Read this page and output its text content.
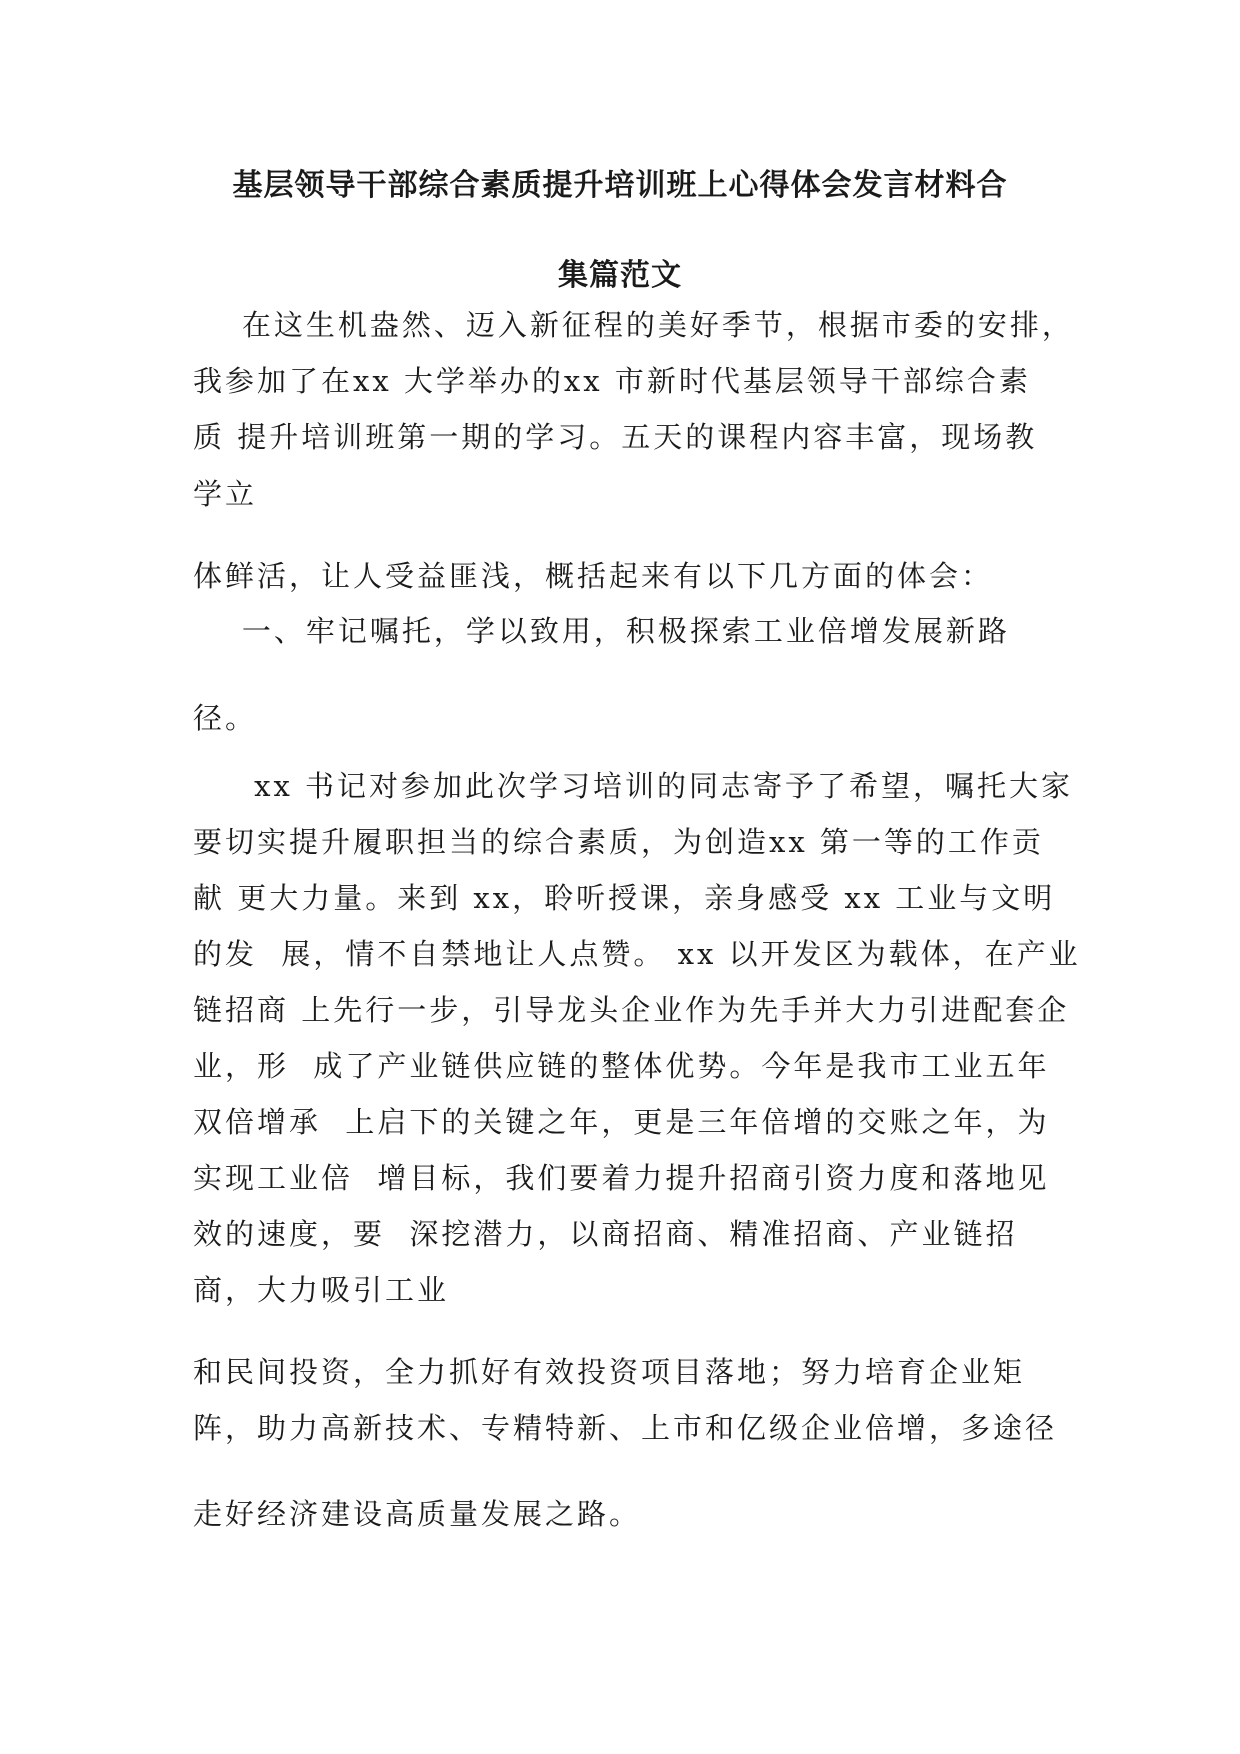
基层领导干部综合素质提升培训班上心得体会发言材料合
集篇范文
在这生机盎然、迈入新征程的美好季节，根据市委的安排，
我参加了在xx 大学举办的xx 市新时代基层领导干部综合素
质 提升培训班第一期的学习。五天的课程内容丰富，现场教
学立
体鲜活，让人受益匪浅，概括起来有以下几方面的体会：
一、牢记嘱托，学以致用，积极探索工业倍增发展新路
径。
xx 书记对参加此次学习培训的同志寄予了希望，嘱托大家
要切实提升履职担当的综合素质，为创造xx 第一等的工作贡
献 更大力量。来到 xx，聆听授课，亲身感受 xx 工业与文明
的发  展，情不自禁地让人点赞。 xx 以开发区为载体，在产业
链招商 上先行一步，引导龙头企业作为先手并大力引进配套企
业，形  成了产业链供应链的整体优势。今年是我市工业五年
双倍增承  上启下的关键之年，更是三年倍增的交账之年，为
实现工业倍  增目标，我们要着力提升招商引资力度和落地见
效的速度，要  深挖潜力，以商招商、精准招商、产业链招
商，大力吸引工业
和民间投资，全力抓好有效投资项目落地；努力培育企业矩
阵，助力高新技术、专精特新、上市和亿级企业倍增，多途径
走好经济建设高质量发展之路。
